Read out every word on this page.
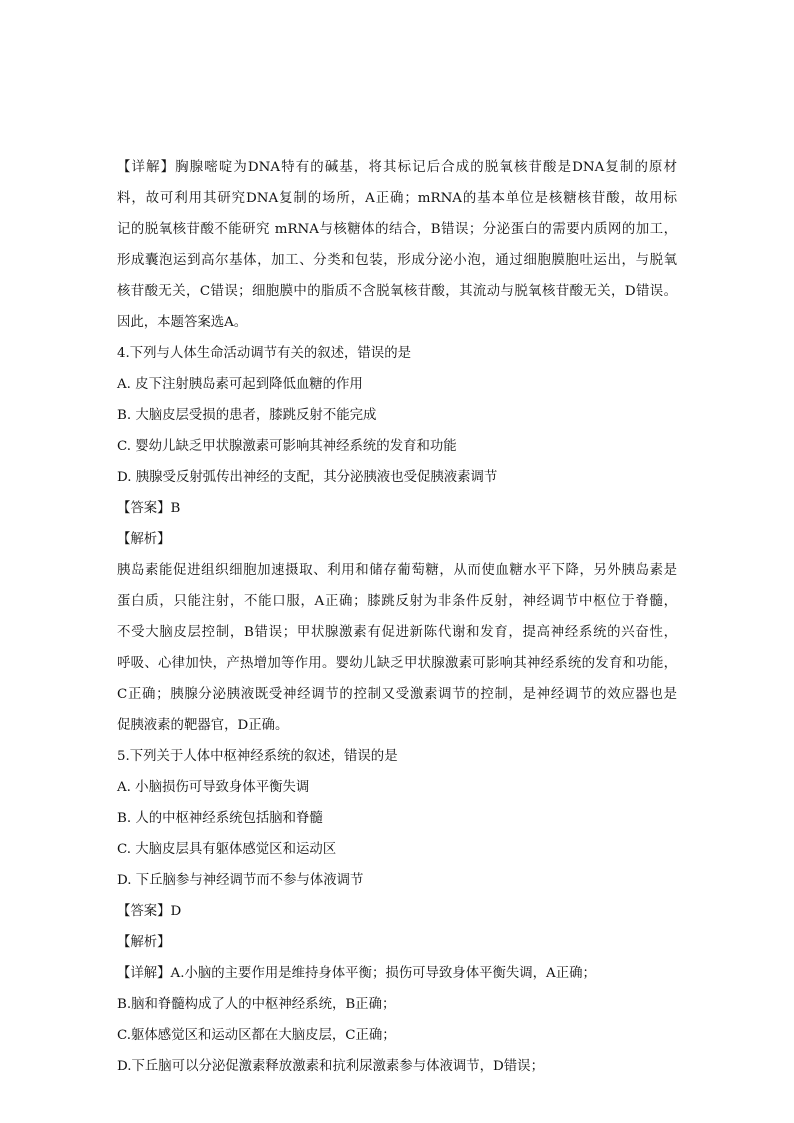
【详解】胸腺嘧啶为DNA特有的碱基，将其标记后合成的脱氧核苷酸是DNA复制的原材
料，故可利用其研究DNA复制的场所，A正确；mRNA的基本单位是核糖核苷酸，故用标
记的脱氧核苷酸不能研究 mRNA与核糖体的结合，B错误；分泌蛋白的需要内质网的加工，
形成囊泡运到高尔基体，加工、分类和包装，形成分泌小泡，通过细胞膜胞吐运出，与脱氧
核苷酸无关，C错误；细胞膜中的脂质不含脱氧核苷酸，其流动与脱氧核苷酸无关，D错误。
因此，本题答案选A。
4.下列与人体生命活动调节有关的叙述，错误的是
A. 皮下注射胰岛素可起到降低血糖的作用
B. 大脑皮层受损的患者，膝跳反射不能完成
C. 婴幼儿缺乏甲状腺激素可影响其神经系统的发育和功能
D. 胰腺受反射弧传出神经的支配，其分泌胰液也受促胰液素调节
【答案】B
【解析】
胰岛素能促进组织细胞加速摄取、利用和储存葡萄糖，从而使血糖水平下降，另外胰岛素是
蛋白质，只能注射，不能口服，A正确；膝跳反射为非条件反射，神经调节中枢位于脊髓，
不受大脑皮层控制，B错误；甲状腺激素有促进新陈代谢和发育，提高神经系统的兴奋性，
呼吸、心律加快，产热增加等作用。婴幼儿缺乏甲状腺激素可影响其神经系统的发育和功能，
C正确；胰腺分泌胰液既受神经调节的控制又受激素调节的控制，是神经调节的效应器也是
促胰液素的靶器官，D正确。
5.下列关于人体中枢神经系统的叙述，错误的是
A. 小脑损伤可导致身体平衡失调
B. 人的中枢神经系统包括脑和脊髓
C. 大脑皮层具有躯体感觉区和运动区
D. 下丘脑参与神经调节而不参与体液调节
【答案】D
【解析】
【详解】A.小脑的主要作用是维持身体平衡；损伤可导致身体平衡失调，A正确；
B.脑和脊髓构成了人的中枢神经系统，B正确；
C.躯体感觉区和运动区都在大脑皮层，C正确；
D.下丘脑可以分泌促激素释放激素和抗利尿激素参与体液调节，D错误；
